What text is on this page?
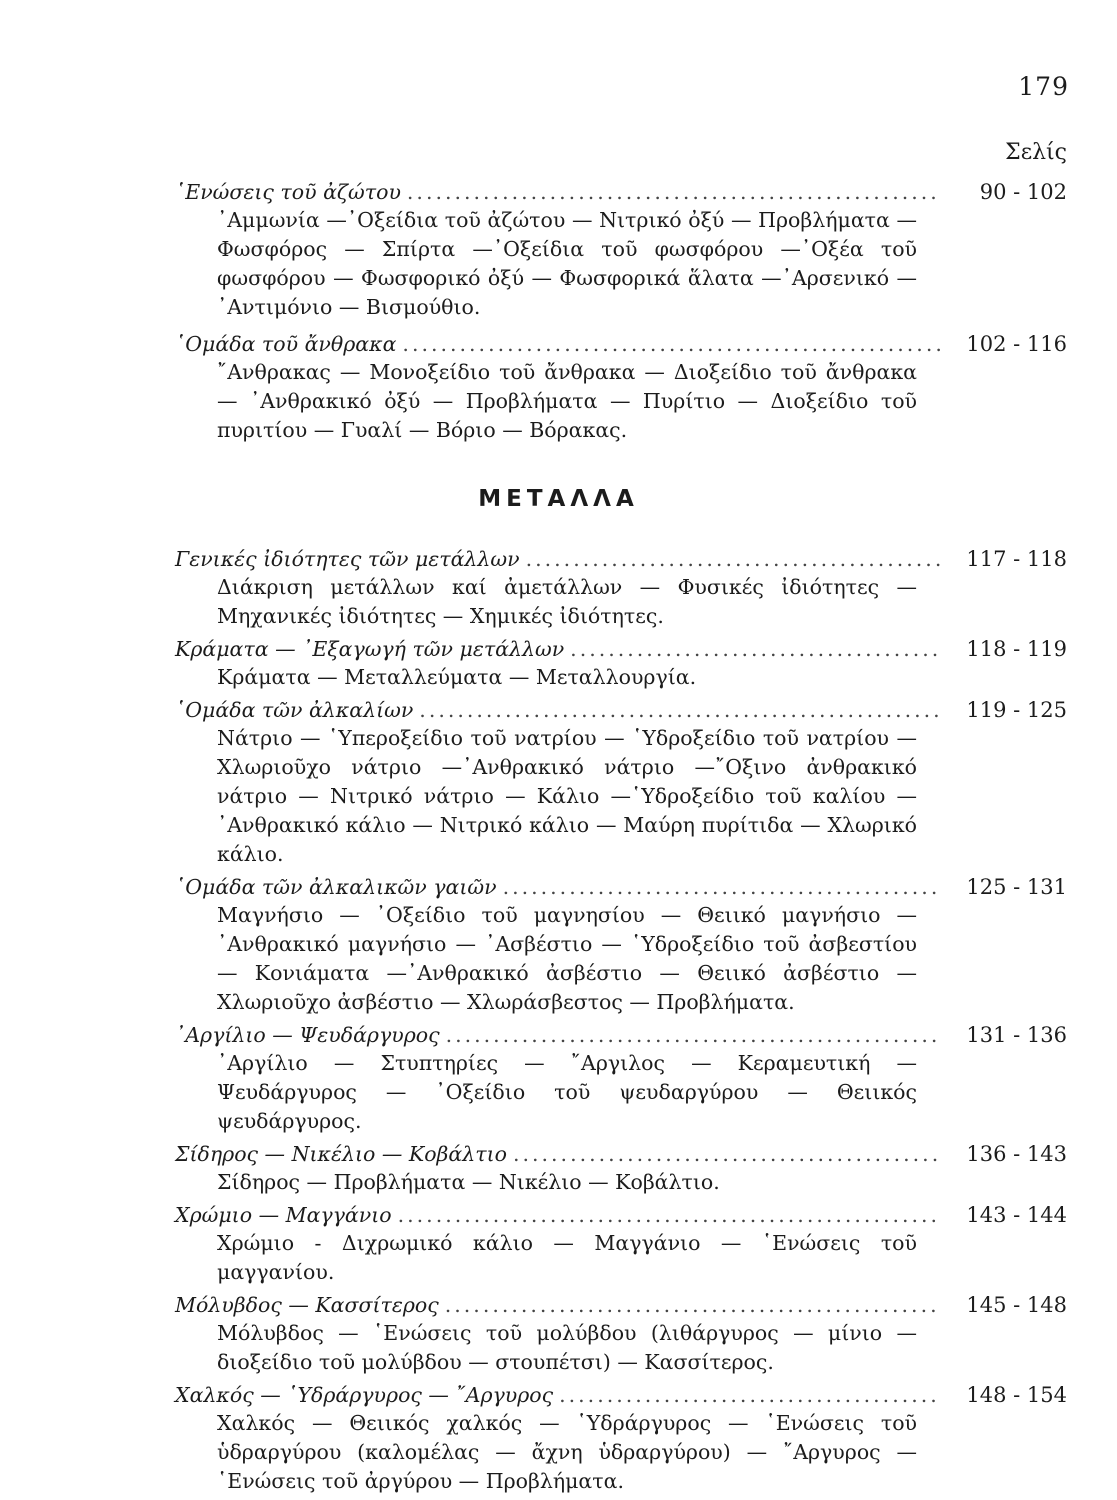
179
Σελίς
῾Ενώσεις τοῦ ἀζώτου .....	90 - 102
᾿Αμμωνία —᾿Οξείδια τοῦ ἀζώτου — Νιτρικό ὀξύ — Προβλήματα — Φωσφόρος — Σπίρτα —᾿Οξείδια τοῦ φωσφόρου —᾿Οξέα τοῦ φωσφόρου — Φωσφορικό ὀξύ — Φωσφορικά ἅλατα —᾿Αρσενικό — ᾿Αντιμόνιο — Βισμούθιο.
῾Ομάδα τοῦ ἄνθρακα .....	102 - 116
῎Ανθρακας — Μονοξείδιο τοῦ ἄνθρακα — Διοξείδιο τοῦ ἄνθρακα — ᾿Ανθρακικό ὀξύ — Προβλήματα — Πυρίτιο — Διοξείδιο τοῦ πυριτίου — Γυαλί — Βόριο — Βόρακας.
ΜΕΤΑΛΛΑ
Γενικές ἰδιότητες τῶν μετάλλων .....	117 - 118
Διάκριση μετάλλων καί ἀμετάλλων — Φυσικές ἰδιότητες — Μηχανικές ἰδιότητες — Χημικές ἰδιότητες.
Κράματα — ᾿Εξαγωγή τῶν μετάλλων .....	118 - 119
Κράματα — Μεταλλεύματα — Μεταλλουργία.
῾Ομάδα τῶν ἀλκαλίων .....	119 - 125
Νάτριο — ῾Υπεροξείδιο τοῦ νατρίου — ῾Υδροξείδιο τοῦ νατρίου — Χλωριοῦχο νάτριο —᾿Ανθρακικό νάτριο —῎Οξινο ἀνθρακικό νάτριο — Νιτρικό νάτριο — Κάλιο —῾Υδροξείδιο τοῦ καλίου —᾿Ανθρακικό κάλιο — Νιτρικό κάλιο — Μαύρη πυρίτιδα — Χλωρικό κάλιο.
῾Ομάδα τῶν ἀλκαλικῶν γαιῶν .....	125 - 131
Μαγνήσιο — ᾿Οξείδιο τοῦ μαγνησίου — Θειικό μαγνήσιο —᾿Ανθρακικό μαγνήσιο — ᾿Ασβέστιο — ῾Υδροξείδιο τοῦ ἀσβεστίου — Κονιάματα —᾿Ανθρακικό ἀσβέστιο — Θειικό ἀσβέστιο — Χλωριοῦχο ἀσβέστιο — Χλωράσβεστος — Προβλήματα.
᾿Αργίλιο — Ψευδάργυρος .....	131 - 136
᾿Αργίλιο — Στυπτηρίες — ῎Αργιλος — Κεραμευτική — Ψευδάργυρος — ᾿Οξείδιο τοῦ ψευδαργύρου — Θειικός ψευδάργυρος.
Σίδηρος — Νικέλιο — Κοβάλτιο .....	136 - 143
Σίδηρος — Προβλήματα — Νικέλιο — Κοβάλτιο.
Χρώμιο — Μαγγάνιο .....	143 - 144
Χρώμιο - Διχρωμικό κάλιο — Μαγγάνιο — ῾Ενώσεις τοῦ μαγγανίου.
Μόλυβδος — Κασσίτερος .....	145 - 148
Μόλυβδος — ῾Ενώσεις τοῦ μολύβδου (λιθάργυρος — μίνιο — διοξείδιο τοῦ μολύβδου — στουπέτσι) — Κασσίτερος.
Χαλκός — ῾Υδράργυρος — ῎Αργυρος .....	148 - 154
Χαλκός — Θειικός χαλκός — ῾Υδράργυρος — ῾Ενώσεις τοῦ ὑδραργύρου (καλομέλας — ἄχνη ὑδραργύρου) — ῎Αργυρος — ῾Ενώσεις τοῦ ἀργύρου — Προβλήματα.
